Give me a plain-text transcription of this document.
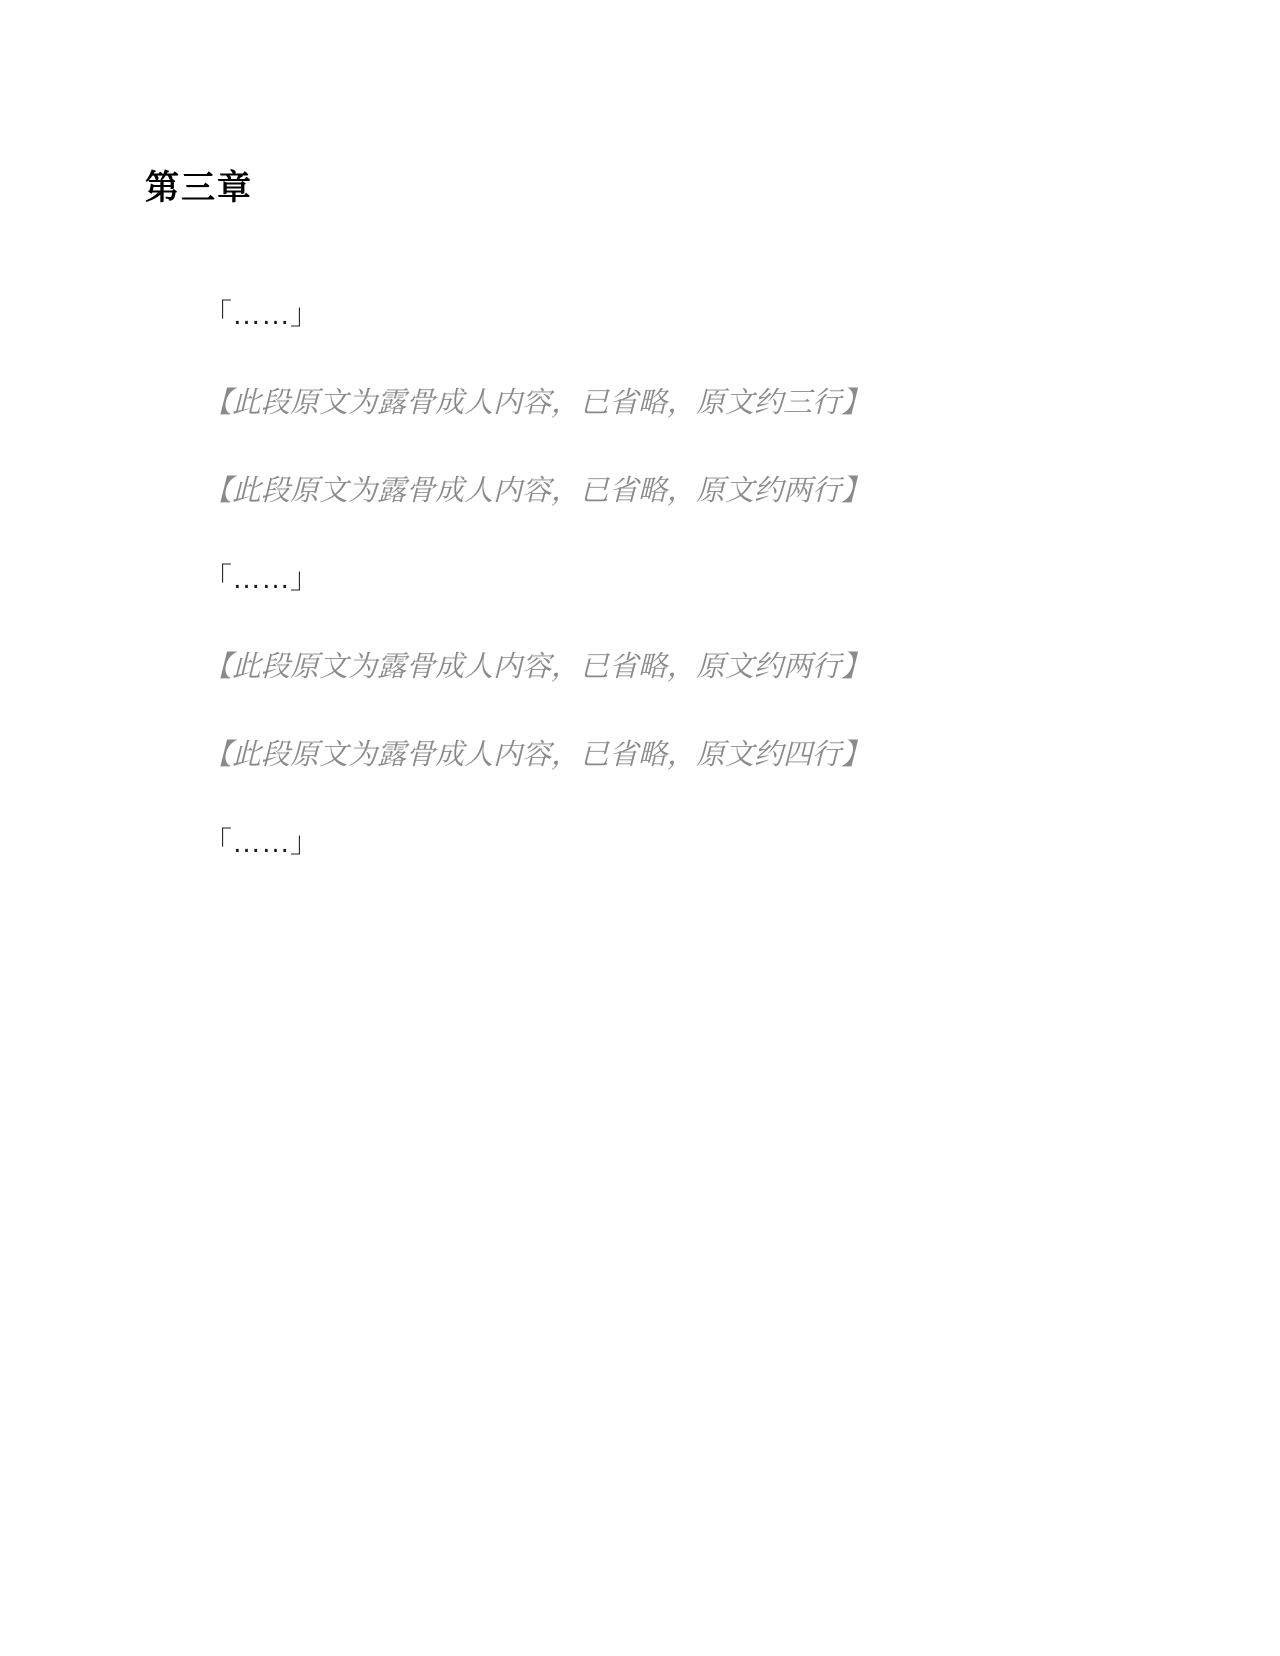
第三章

「……」

【此段原文为露骨成人内容，已省略，原文约三行】

【此段原文为露骨成人内容，已省略，原文约两行】

「……」

【此段原文为露骨成人内容，已省略，原文约两行】

【此段原文为露骨成人内容，已省略，原文约四行】

「……」
